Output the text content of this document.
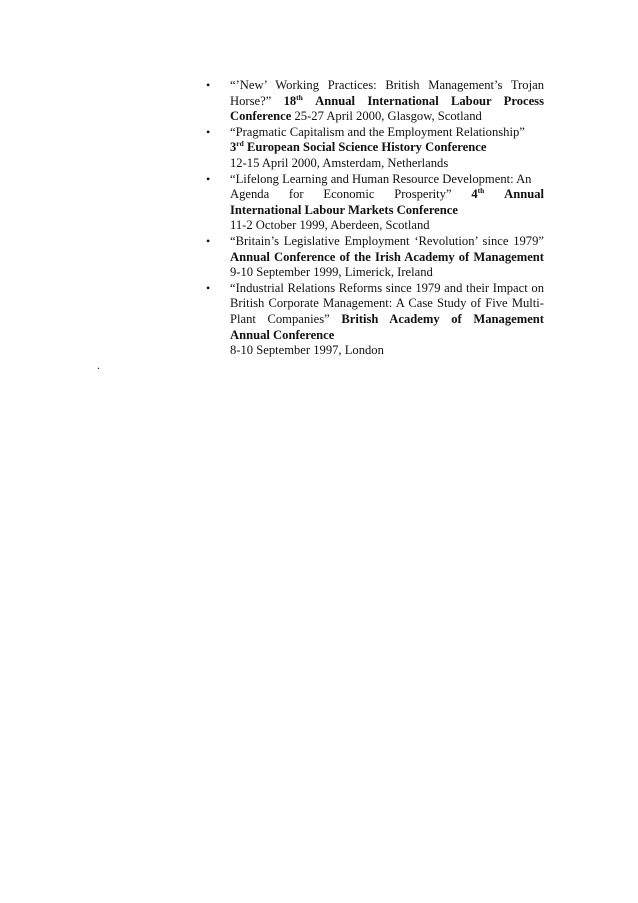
• “’New’ Working Practices: British Management’s Trojan Horse?” 18th Annual International Labour Process Conference 25-27 April 2000, Glasgow, Scotland
• “Pragmatic Capitalism and the Employment Relationship”
3rd European Social Science History Conference
12-15 April 2000, Amsterdam, Netherlands
• “Lifelong Learning and Human Resource Development: An
Agenda for Economic Prosperity” 4th Annual
International Labour Markets Conference
11-2 October 1999, Aberdeen, Scotland
• “Britain’s Legislative Employment ‘Revolution’ since 1979” Annual Conference of the Irish Academy of Management 9-10 September 1999, Limerick, Ireland
• “Industrial Relations Reforms since 1979 and their Impact on British Corporate Management: A Case Study of Five Multi-Plant Companies” British Academy of Management Annual Conference
8-10 September 1997, London
.
